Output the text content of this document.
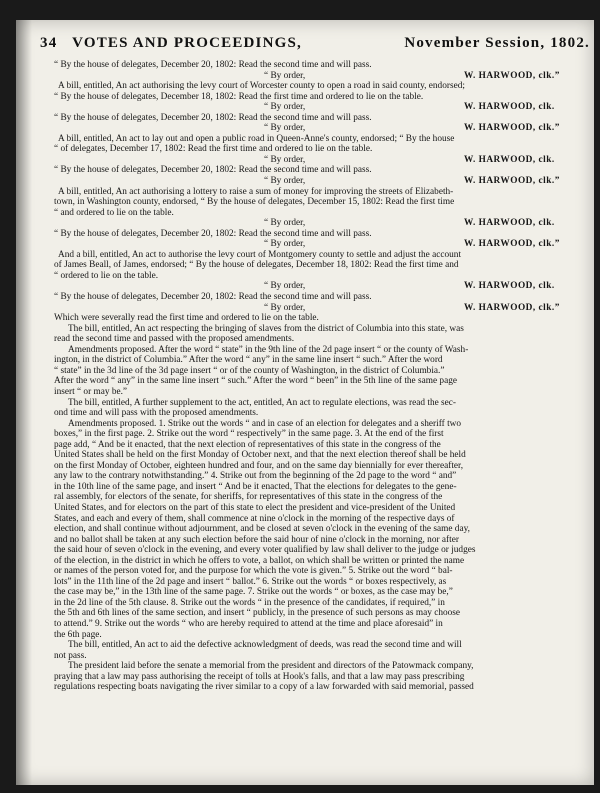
34 VOTES AND PROCEEDINGS,	November Session, 1802.
“ By the house of delegates, December 20, 1802: Read the second time and will pass.
“ By order,	W. HARWOOD, clk.”
A bill, entitled, An act authorising the levy court of Worcester county to open a road in said county, endorsed;
“ By the house of delegates, December 18, 1802: Read the first time and ordered to lie on the table.
“ By order,	W. HARWOOD, clk.
“ By the house of delegates, December 20, 1802: Read the second time and will pass.
“ By order,	W. HARWOOD, clk.”
A bill, entitled, An act to lay out and open a public road in Queen-Anne's county, endorsed; “ By the house
“ of delegates, December 17, 1802: Read the first time and ordered to lie on the table.
“ By order,	W. HARWOOD, clk.
“ By the house of delegates, December 20, 1802: Read the second time and will pass.
“ By order,	W. HARWOOD, clk.”
A bill, entitled, An act authorising a lottery to raise a sum of money for improving the streets of Elizabeth-
town, in Washington county, endorsed, “ By the house of delegates, December 15, 1802: Read the first time
“ and ordered to lie on the table.
“ By order,	W. HARWOOD, clk.
“ By the house of delegates, December 20, 1802: Read the second time and will pass.
“ By order,	W. HARWOOD, clk.”
And a bill, entitled, An act to authorise the levy court of Montgomery county to settle and adjust the account
of James Beall, of James, endorsed; “ By the house of delegates, December 18, 1802: Read the first time and
“ ordered to lie on the table.
“ By order,	W. HARWOOD, clk.
“ By the house of delegates, December 20, 1802: Read the second time and will pass.
“ By order,	W. HARWOOD, clk.”
Which were severally read the first time and ordered to lie on the table.
The bill, entitled, An act respecting the bringing of slaves from the district of Columbia into this state, was
read the second time and passed with the proposed amendments.
Amendments proposed. After the word “ state” in the 9th line of the 2d page insert “ or the county of Wash-
ington, in the district of Columbia.” After the word “ any” in the same line insert “ such.” After the word
“ state” in the 3d line of the 3d page insert “ or of the county of Washington, in the district of Columbia.”
After the word “ any” in the same line insert “ such.” After the word “ been” in the 5th line of the same page
insert “ or may be.”
The bill, entitled, A further supplement to the act, entitled, An act to regulate elections, was read the sec-
ond time and will pass with the proposed amendments.
Amendments proposed. 1. Strike out the words “ and in case of an election for delegates and a sheriff two
boxes,” in the first page. 2. Strike out the word “ respectively” in the same page. 3. At the end of the first
page add, “ And be it enacted, that the next election of representatives of this state in the congress of the
United States shall be held on the first Monday of October next, and that the next election thereof shall be held
on the first Monday of October, eighteen hundred and four, and on the same day biennially for ever thereafter,
any law to the contrary notwithstanding.” 4. Strike out from the beginning of the 2d page to the word “ and”
in the 10th line of the same page, and insert “ And be it enacted, That the elections for delegates to the gene-
ral assembly, for electors of the senate, for sheriffs, for representatives of this state in the congress of the
United States, and for electors on the part of this state to elect the president and vice-president of the United
States, and each and every of them, shall commence at nine o'clock in the morning of the respective days of
election, and shall continue without adjournment, and be closed at seven o'clock in the evening of the same day,
and no ballot shall be taken at any such election before the said hour of nine o'clock in the morning, nor after
the said hour of seven o'clock in the evening, and every voter qualified by law shall deliver to the judge or judges
of the election, in the district in which he offers to vote, a ballot, on which shall be written or printed the name
or names of the person voted for, and the purpose for which the vote is given.” 5. Strike out the word “ bal-
lots” in the 11th line of the 2d page and insert “ ballot.” 6. Strike out the words “ or boxes respectively, as
the case may be,” in the 13th line of the same page. 7. Strike out the words “ or boxes, as the case may be,”
in the 2d line of the 5th clause. 8. Strike out the words “ in the presence of the candidates, if required,” in
the 5th and 6th lines of the same section, and insert “ publicly, in the presence of such persons as may choose
to attend.” 9. Strike out the words “ who are hereby required to attend at the time and place aforesaid” in
the 6th page.
The bill, entitled, An act to aid the defective acknowledgment of deeds, was read the second time and will
not pass.
The president laid before the senate a memorial from the president and directors of the Patowmack company,
praying that a law may pass authorising the receipt of tolls at Hook's falls, and that a law may pass prescribing
regulations respecting boats navigating the river similar to a copy of a law forwarded with said memorial, passed
